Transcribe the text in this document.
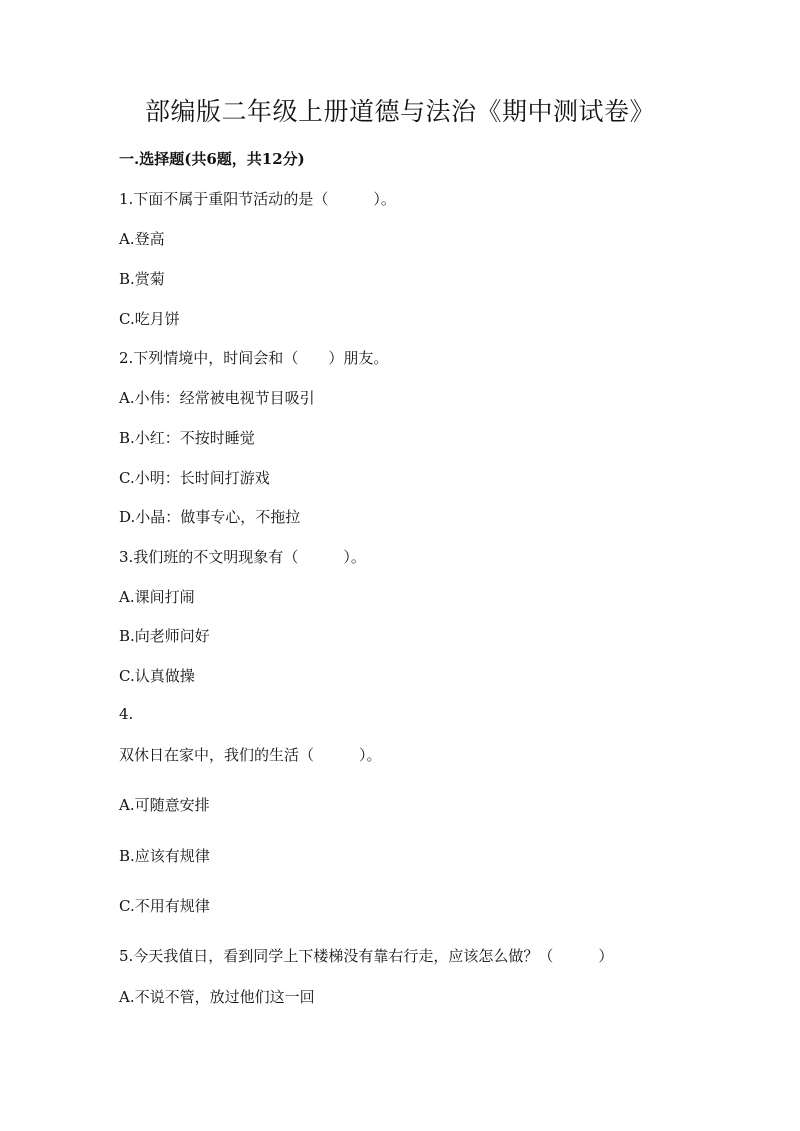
部编版二年级上册道德与法治《期中测试卷》
一.选择题(共6题，共12分)
1.下面不属于重阳节活动的是（　　　）。
A.登高
B.赏菊
C.吃月饼
2.下列情境中，时间会和（　　）朋友。
A.小伟：经常被电视节目吸引
B.小红：不按时睡觉
C.小明：长时间打游戏
D.小晶：做事专心，不拖拉
3.我们班的不文明现象有（　　　）。
A.课间打闹
B.向老师问好
C.认真做操
4.
双休日在家中，我们的生活（　　　）。
A.可随意安排
B.应该有规律
C.不用有规律
5.今天我值日，看到同学上下楼梯没有靠右行走，应该怎么做？（　　　）
A.不说不管，放过他们这一回
